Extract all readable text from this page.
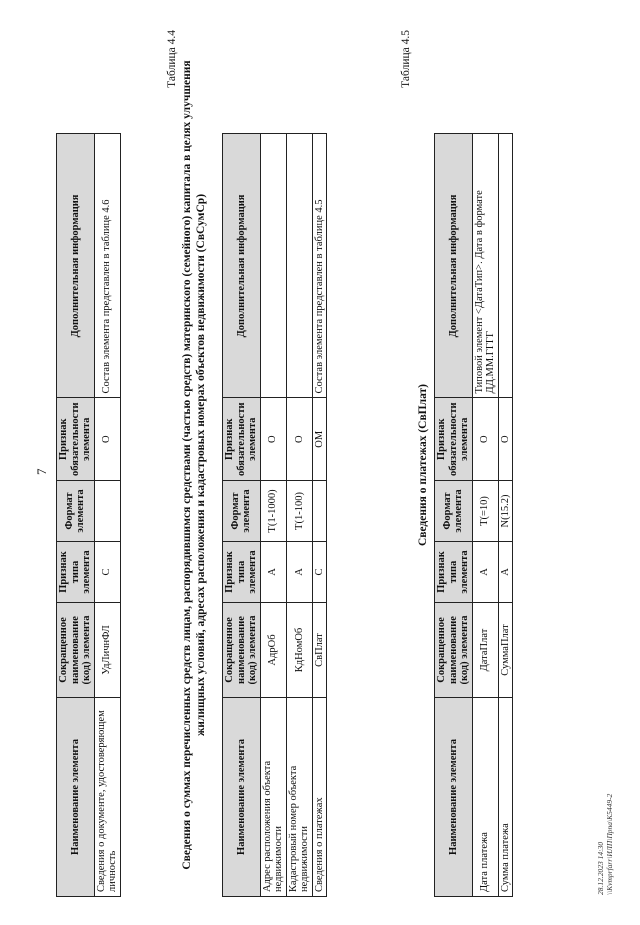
7
Наименование элемента	Сокращенное наименование (код) элемента	Признак типа элемента	Формат элемента	Признак обязательности элемента	Дополнительная информация
Сведения о документе, удостоверяющем личность	УдЛичнФЛ	С		О	Состав элемента представлен в таблице 4.6
Таблица 4.4
Сведения о суммах перечисленных средств лицам, распорядившимся средствами (частью средств) материнского (семейного) капитала в целях улучшения жилищных условий, адресах расположения и кадастровых номерах объектов недвижимости (СвСумСр)
Наименование элемента	Сокращенное наименование (код) элемента	Признак типа элемента	Формат элемента	Признак обязательности элемента	Дополнительная информация
Адрес расположения объекта недвижимости	АдрОб	А	T(1-1000)	О	
Кадастровый номер объекта недвижимости	КдНомОб	А	T(1-100)	О	
Сведения о платежах	СвПлат	С		ОМ	Состав элемента представлен в таблице 4.5
Таблица 4.5
Сведения о платежах (СвПлат)
Наименование элемента	Сокращенное наименование (код) элемента	Признак типа элемента	Формат элемента	Признак обязательности элемента	Дополнительная информация
Дата платежа	ДатаПлат	А	T(=10)	О	Типовой элемент <ДатаТип>. Дата в формате ДД.ММ.ГГГГ
Сумма платежа	СуммаПлат	А	N(15.2)	О	
28.12.2023 14:30 \\Kvmprfarr\ИЛП\Прпа\К5449-2
